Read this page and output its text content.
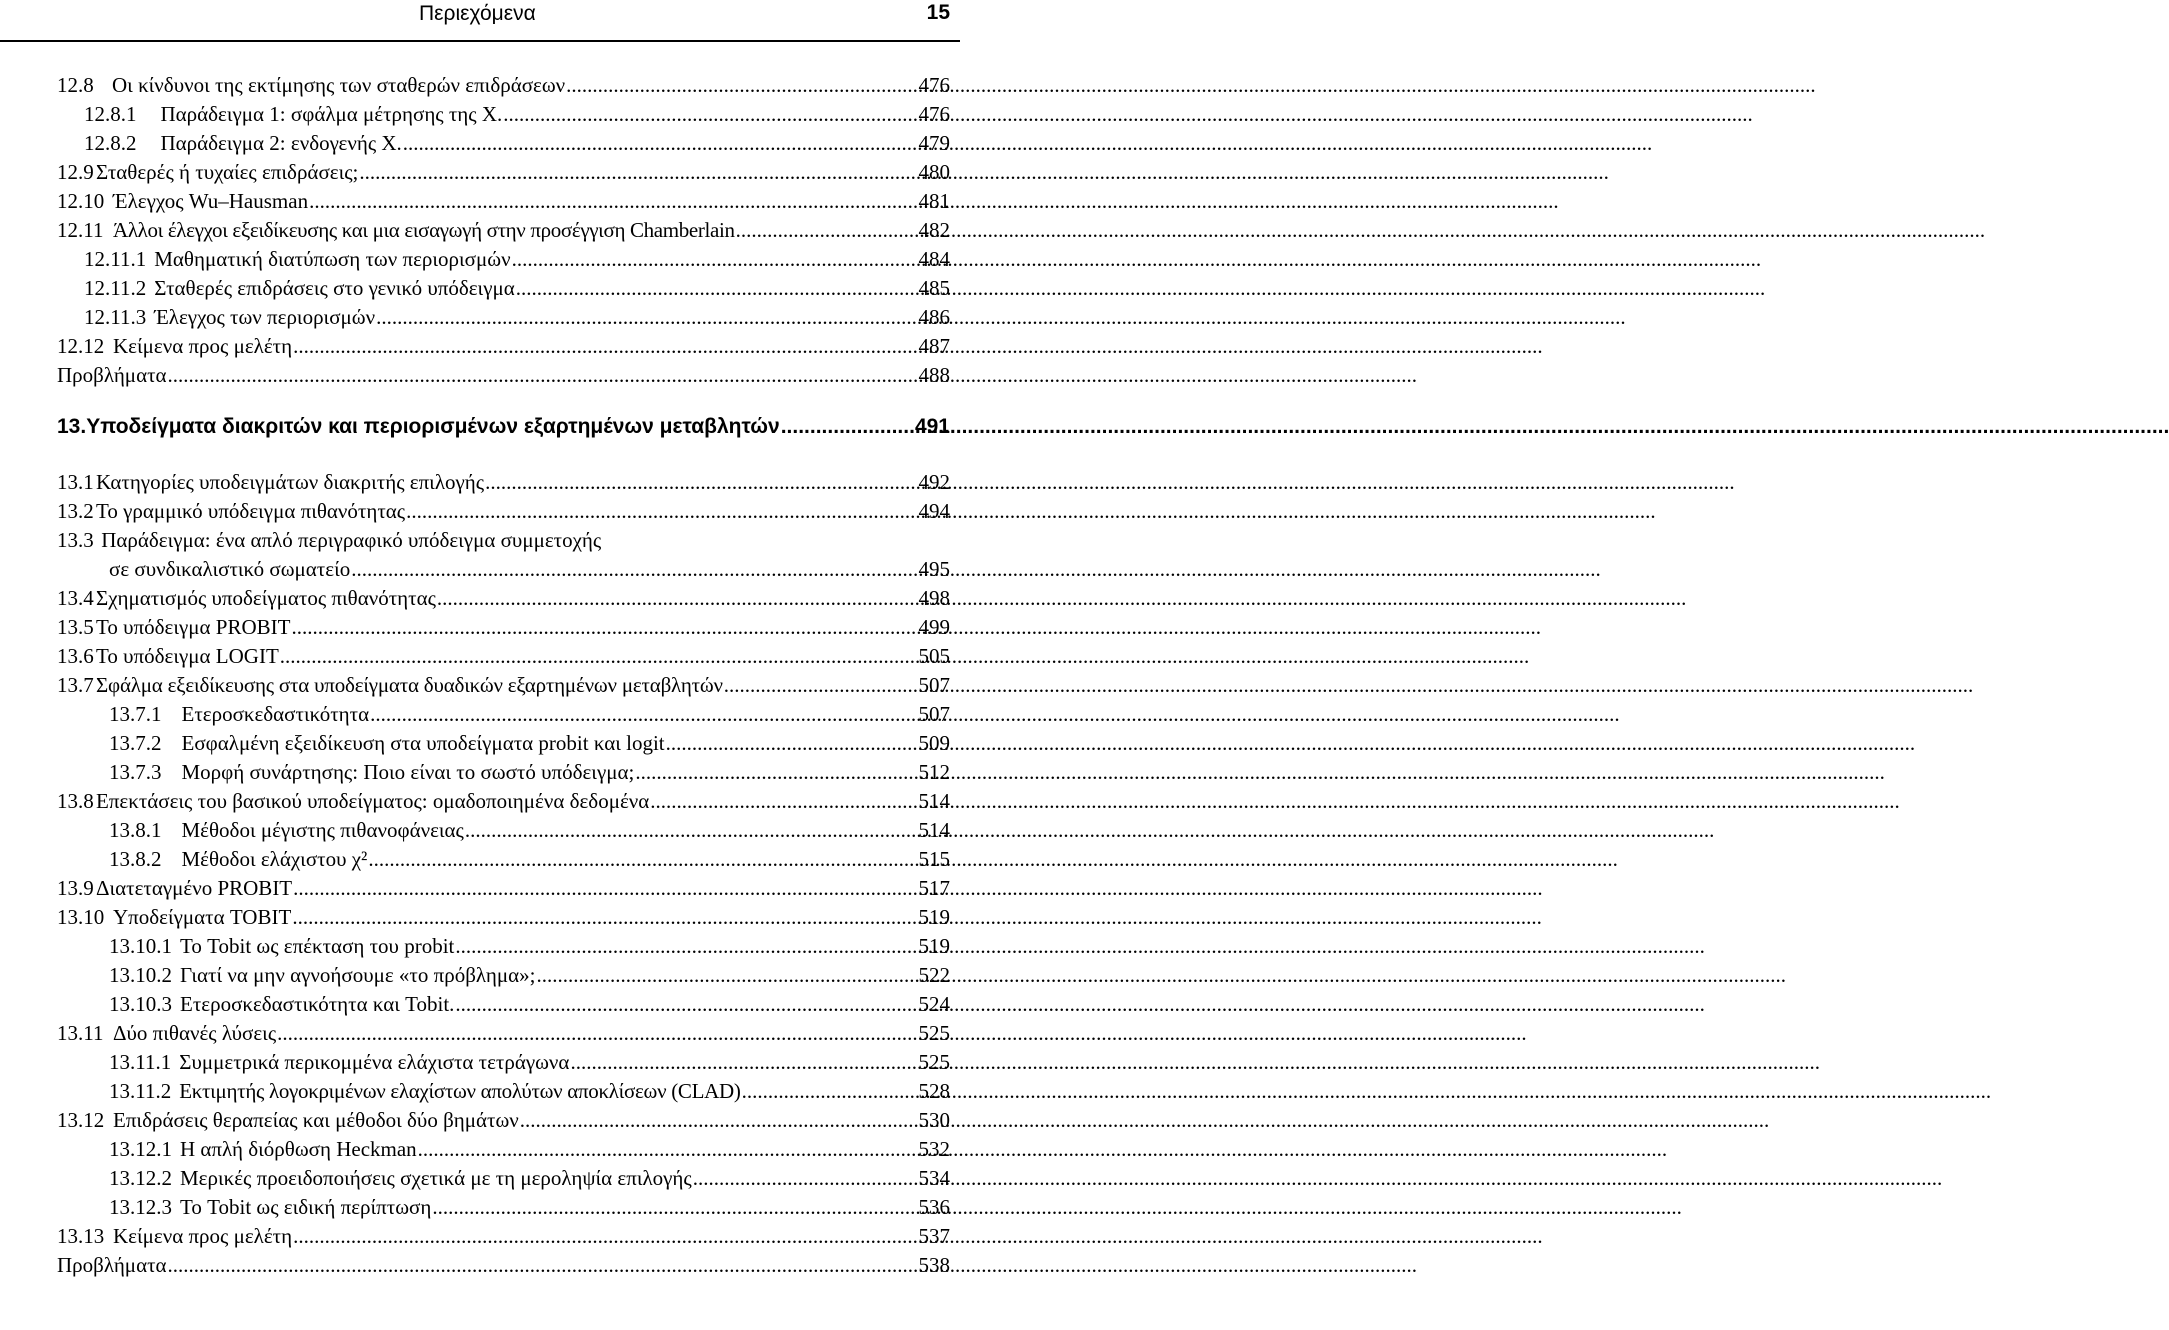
Περιεχόμενα	15
12.8 Οι κίνδυνοι της εκτίμησης των σταθερών επιδράσεων .....	476
12.8.1 Παράδειγμα 1: σφάλμα μέτρησης της X. .....	476
12.8.2 Παράδειγμα 2: ενδογενής X. .....	479
12.9 Σταθερές ή τυχαίες επιδράσεις; .....	480
12.10 Έλεγχος Wu–Hausman .....	481
12.11 Άλλοι έλεγχοι εξειδίκευσης και μια εισαγωγή στην προσέγγιση Chamberlain .....	482
12.11.1 Μαθηματική διατύπωση των περιορισμών .....	484
12.11.2 Σταθερές επιδράσεις στο γενικό υπόδειγμα .....	485
12.11.3 Έλεγχος των περιορισμών .....	486
12.12 Κείμενα προς μελέτη .....	487
Προβλήματα .....	488
13. Υποδείγματα διακριτών και περιορισμένων εξαρτημένων μεταβλητών .....	491
13.1 Κατηγορίες υποδειγμάτων διακριτής επιλογής .....	492
13.2 Το γραμμικό υπόδειγμα πιθανότητας .....	494
13.3 Παράδειγμα: ένα απλό περιγραφικό υπόδειγμα συμμετοχής
σε συνδικαλιστικό σωματείο .....	495
13.4 Σχηματισμός υποδείγματος πιθανότητας .....	498
13.5 Το υπόδειγμα PROBIT .....	499
13.6 Το υπόδειγμα LOGIT .....	505
13.7 Σφάλμα εξειδίκευσης στα υποδείγματα δυαδικών εξαρτημένων μεταβλητών .....	507
13.7.1 Ετεροσκεδαστικότητα .....	507
13.7.2 Εσφαλμένη εξειδίκευση στα υποδείγματα probit και logit .....	509
13.7.3 Μορφή συνάρτησης: Ποιο είναι το σωστό υπόδειγμα; .....	512
13.8 Επεκτάσεις του βασικού υποδείγματος: ομαδοποιημένα δεδομένα .....	514
13.8.1 Μέθοδοι μέγιστης πιθανοφάνειας .....	514
13.8.2 Μέθοδοι ελάχιστου χ² .....	515
13.9 Διατεταγμένο PROBIT .....	517
13.10 Υποδείγματα TOBIT .....	519
13.10.1 Το Tobit ως επέκταση του probit .....	519
13.10.2 Γιατί να μην αγνοήσουμε «το πρόβλημα»; .....	522
13.10.3 Ετεροσκεδαστικότητα και Tobit. .....	524
13.11 Δύο πιθανές λύσεις .....	525
13.11.1 Συμμετρικά περικομμένα ελάχιστα τετράγωνα .....	525
13.11.2 Εκτιμητής λογοκριμένων ελαχίστων απολύτων αποκλίσεων (CLAD) .....	528
13.12 Επιδράσεις θεραπείας και μέθοδοι δύο βημάτων .....	530
13.12.1 Η απλή διόρθωση Heckman .....	532
13.12.2 Μερικές προειδοποιήσεις σχετικά με τη μεροληψία επιλογής .....	534
13.12.3 Το Tobit ως ειδική περίπτωση .....	536
13.13 Κείμενα προς μελέτη .....	537
Προβλήματα .....	538
